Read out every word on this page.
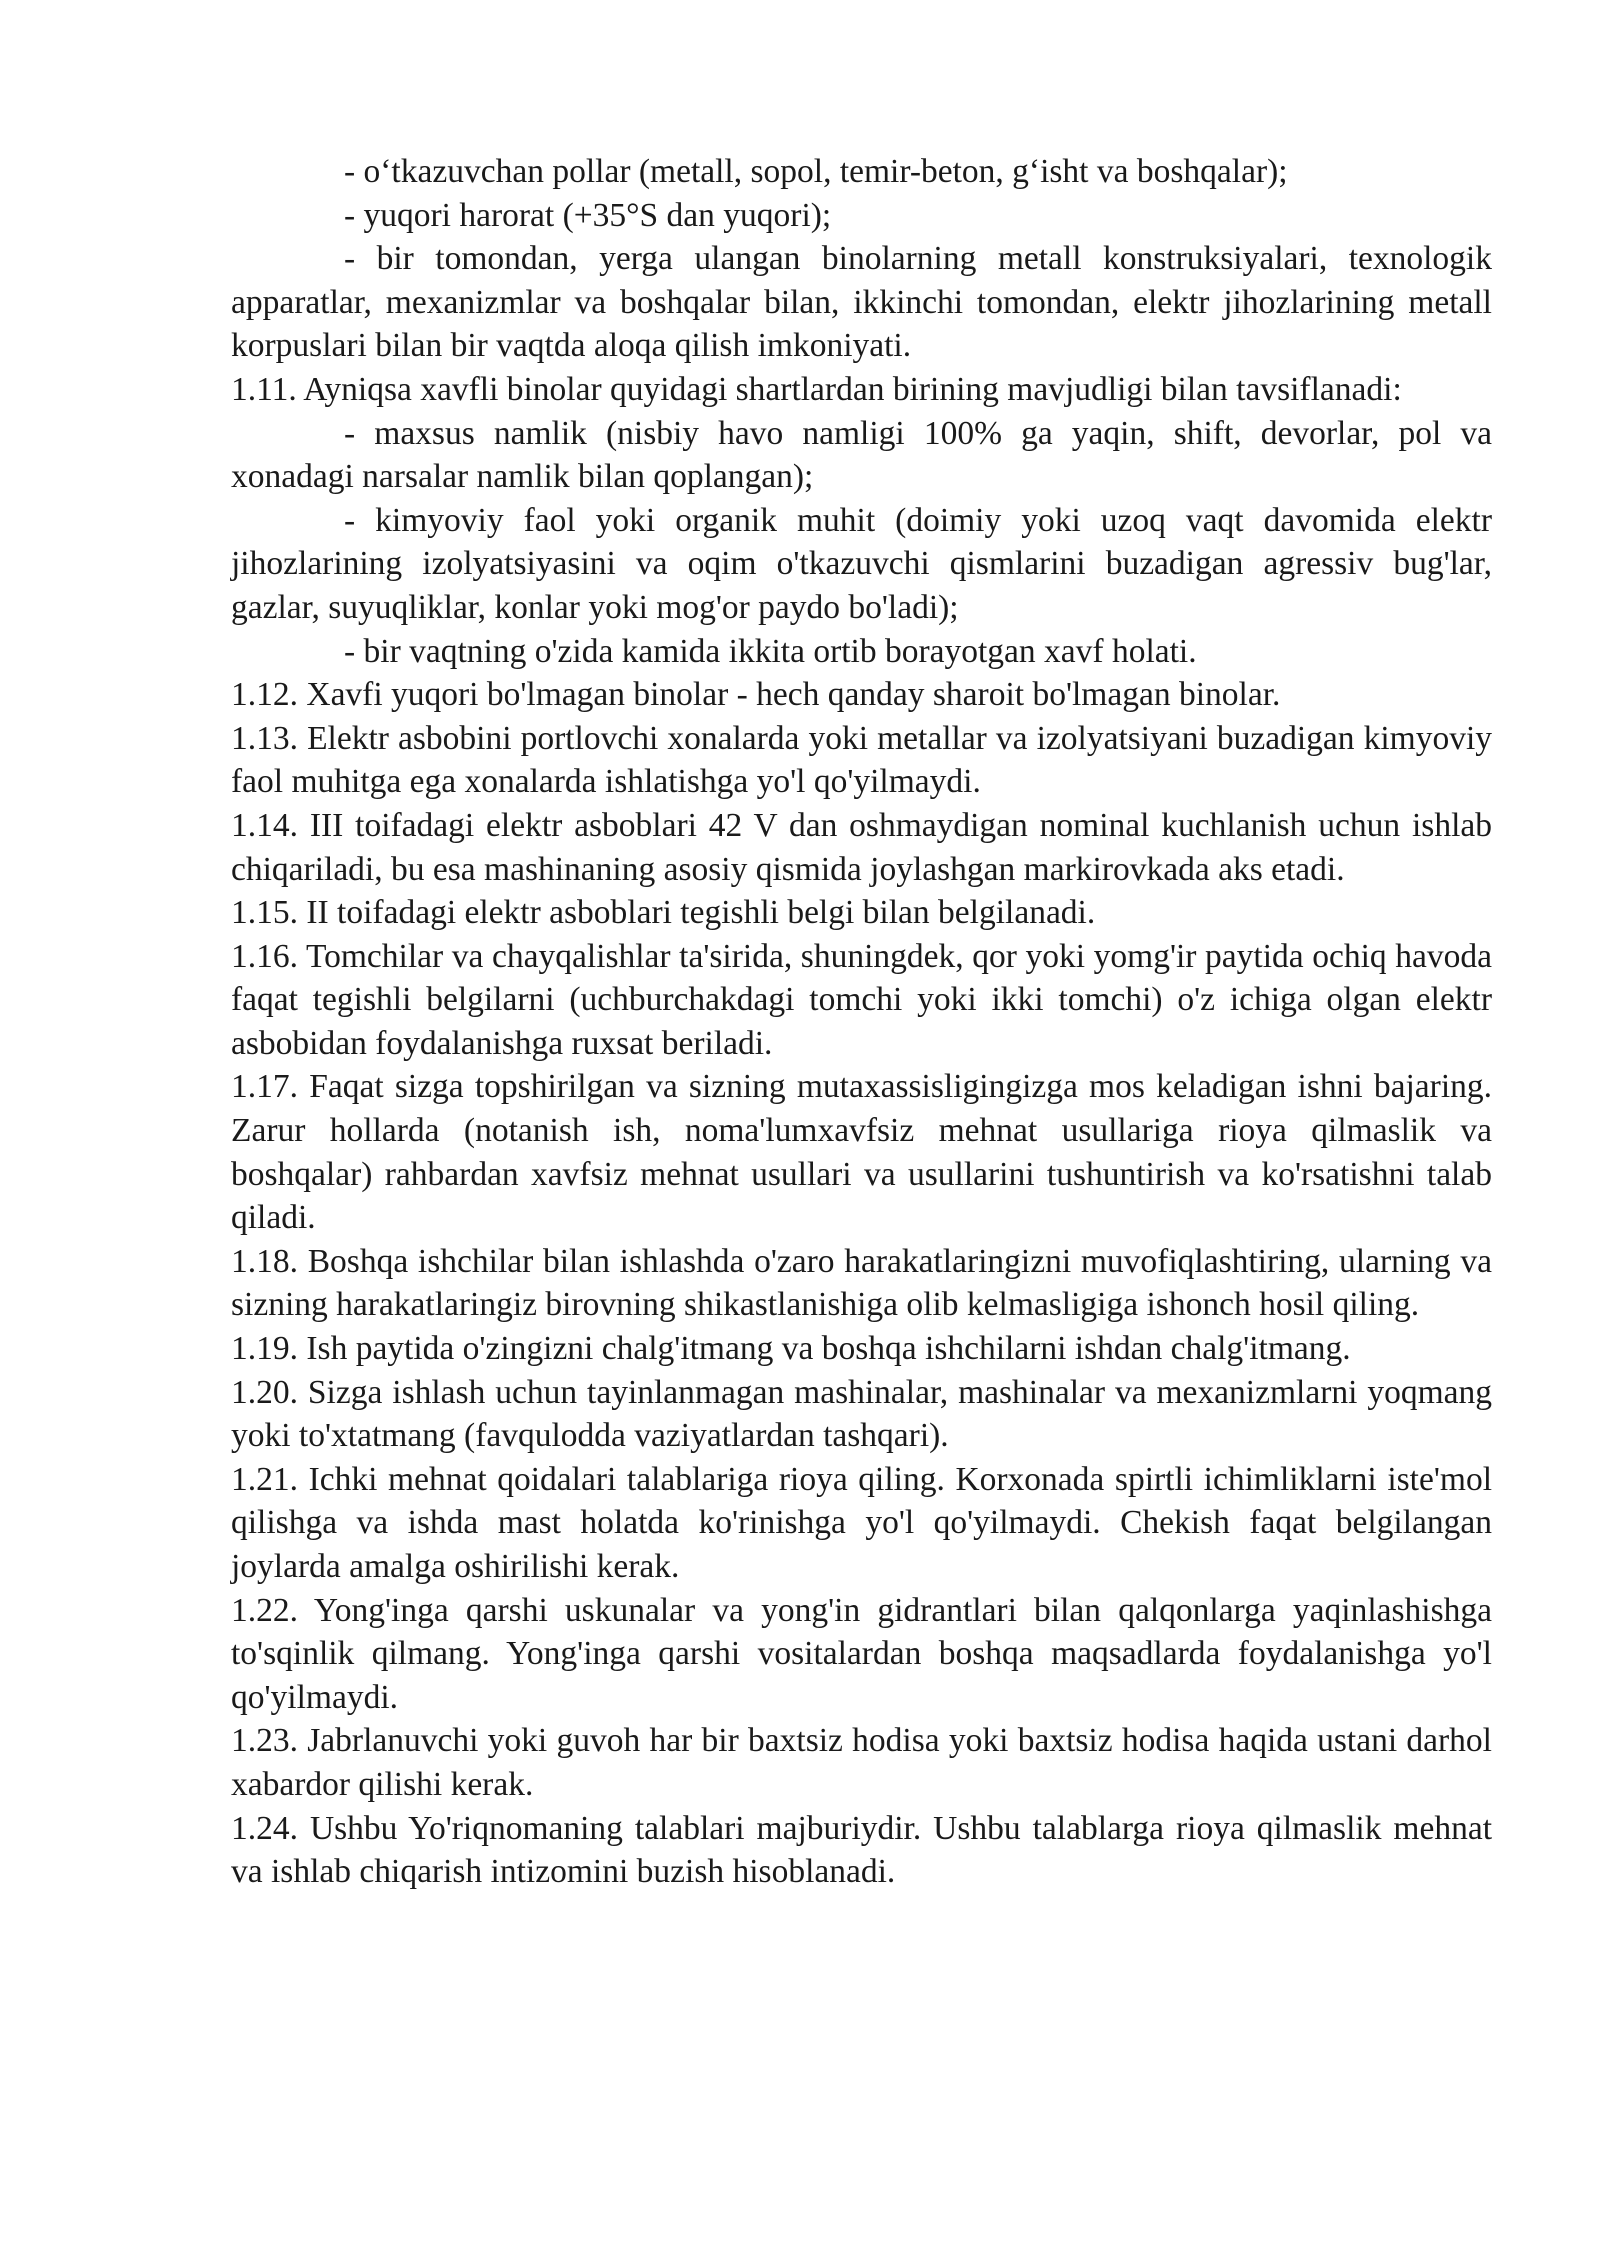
- o‘tkazuvchan pollar (metall, sopol, temir-beton, g‘isht va boshqalar);

- yuqori harorat (+35°S dan yuqori);

- bir tomondan, yerga ulangan binolarning metall konstruksiyalari, texnologik apparatlar, mexanizmlar va boshqalar bilan, ikkinchi tomondan, elektr jihozlarining metall korpuslari bilan bir vaqtda aloqa qilish imkoniyati.

1.11. Ayniqsa xavfli binolar quyidagi shartlardan birining mavjudligi bilan tavsiflanadi:

- maxsus namlik (nisbiy havo namligi 100% ga yaqin, shift, devorlar, pol va xonadagi narsalar namlik bilan qoplangan);

- kimyoviy faol yoki organik muhit (doimiy yoki uzoq vaqt davomida elektr jihozlarining izolyatsiyasini va oqim o'tkazuvchi qismlarini buzadigan agressiv bug'lar, gazlar, suyuqliklar, konlar yoki mog'or paydo bo'ladi);

- bir vaqtning o'zida kamida ikkita ortib borayotgan xavf holati.

1.12. Xavfi yuqori bo'lmagan binolar - hech qanday sharoit bo'lmagan binolar.

1.13. Elektr asbobini portlovchi xonalarda yoki metallar va izolyatsiyani buzadigan kimyoviy faol muhitga ega xonalarda ishlatishga yo'l qo'yilmaydi.

1.14. III toifadagi elektr asboblari 42 V dan oshmaydigan nominal kuchlanish uchun ishlab chiqariladi, bu esa mashinaning asosiy qismida joylashgan markirovkada aks etadi.

1.15. II toifadagi elektr asboblari tegishli belgi bilan belgilanadi.

1.16. Tomchilar va chayqalishlar ta'sirida, shuningdek, qor yoki yomg'ir paytida ochiq havoda faqat tegishli belgilarni (uchburchakdagi tomchi yoki ikki tomchi) o'z ichiga olgan elektr asbobidan foydalanishga ruxsat beriladi.

1.17. Faqat sizga topshirilgan va sizning mutaxassisligingizga mos keladigan ishni bajaring. Zarur hollarda (notanish ish, noma'lumxavfsiz mehnat usullariga rioya qilmaslik va boshqalar) rahbardan xavfsiz mehnat usullari va usullarini tushuntirish va ko'rsatishni talab qiladi.

1.18. Boshqa ishchilar bilan ishlashda o'zaro harakatlaringizni muvofiqlashtiring, ularning va sizning harakatlaringiz birovning shikastlanishiga olib kelmasligiga ishonch hosil qiling.

1.19. Ish paytida o'zingizni chalg'itmang va boshqa ishchilarni ishdan chalg'itmang.

1.20. Sizga ishlash uchun tayinlanmagan mashinalar, mashinalar va mexanizmlarni yoqmang yoki to'xtatmang (favqulodda vaziyatlardan tashqari).

1.21. Ichki mehnat qoidalari talablariga rioya qiling. Korxonada spirtli ichimliklarni iste'mol qilishga va ishda mast holatda ko'rinishga yo'l qo'yilmaydi. Chekish faqat belgilangan joylarda amalga oshirilishi kerak.

1.22. Yong'inga qarshi uskunalar va yong'in gidrantlari bilan qalqonlarga yaqinlashishga to'sqinlik qilmang. Yong'inga qarshi vositalardan boshqa maqsadlarda foydalanishga yo'l qo'yilmaydi.

1.23. Jabrlanuvchi yoki guvoh har bir baxtsiz hodisa yoki baxtsiz hodisa haqida ustani darhol xabardor qilishi kerak.

1.24. Ushbu Yo'riqnomaning talablari majburiydir. Ushbu talablarga rioya qilmaslik mehnat va ishlab chiqarish intizomini buzish hisoblanadi.
